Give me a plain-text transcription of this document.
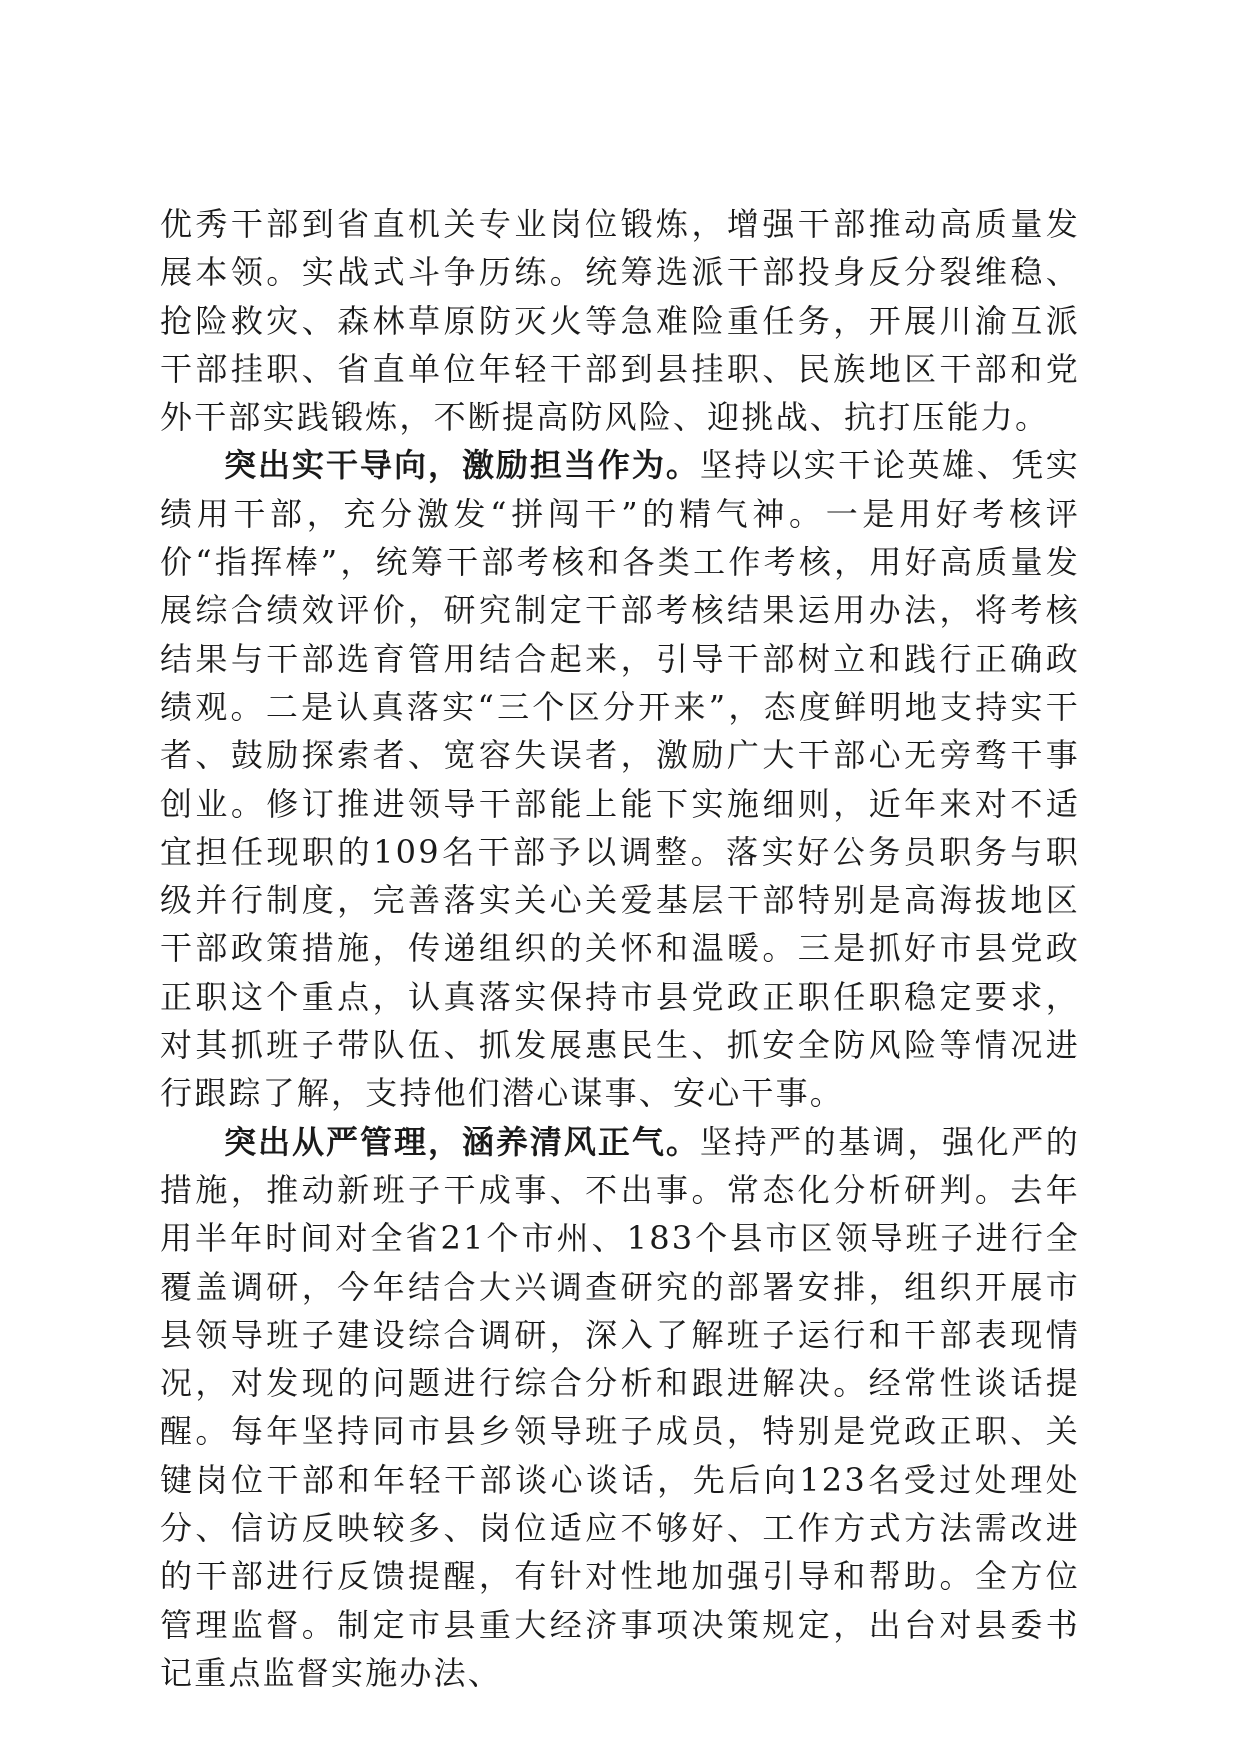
优秀干部到省直机关专业岗位锻炼，增强干部推动高质量发展本领。实战式斗争历练。统筹选派干部投身反分裂维稳、抢险救灾、森林草原防灭火等急难险重任务，开展川渝互派干部挂职、省直单位年轻干部到县挂职、民族地区干部和党外干部实践锻炼，不断提高防风险、迎挑战、抗打压能力。

突出实干导向，激励担当作为。坚持以实干论英雄、凭实绩用干部，充分激发“拼闯干”的精气神。一是用好考核评价“指挥棒”，统筹干部考核和各类工作考核，用好高质量发展综合绩效评价，研究制定干部考核结果运用办法，将考核结果与干部选育管用结合起来，引导干部树立和践行正确政绩观。二是认真落实“三个区分开来”，态度鲜明地支持实干者、鼓励探索者、宽容失误者，激励广大干部心无旁骛干事创业。修订推进领导干部能上能下实施细则，近年来对不适宜担任现职的109名干部予以调整。落实好公务员职务与职级并行制度，完善落实关心关爱基层干部特别是高海拔地区干部政策措施，传递组织的关怀和温暖。三是抓好市县党政正职这个重点，认真落实保持市县党政正职任职稳定要求，对其抓班子带队伍、抓发展惠民生、抓安全防风险等情况进行跟踪了解，支持他们潜心谋事、安心干事。

突出从严管理，涵养清风正气。坚持严的基调，强化严的措施，推动新班子干成事、不出事。常态化分析研判。去年用半年时间对全省21个市州、183个县市区领导班子进行全覆盖调研，今年结合大兴调查研究的部署安排，组织开展市县领导班子建设综合调研，深入了解班子运行和干部表现情况，对发现的问题进行综合分析和跟进解决。经常性谈话提醒。每年坚持同市县乡领导班子成员，特别是党政正职、关键岗位干部和年轻干部谈心谈话，先后向123名受过处理处分、信访反映较多、岗位适应不够好、工作方式方法需改进的干部进行反馈提醒，有针对性地加强引导和帮助。全方位管理监督。制定市县重大经济事项决策规定，出台对县委书记重点监督实施办法、
